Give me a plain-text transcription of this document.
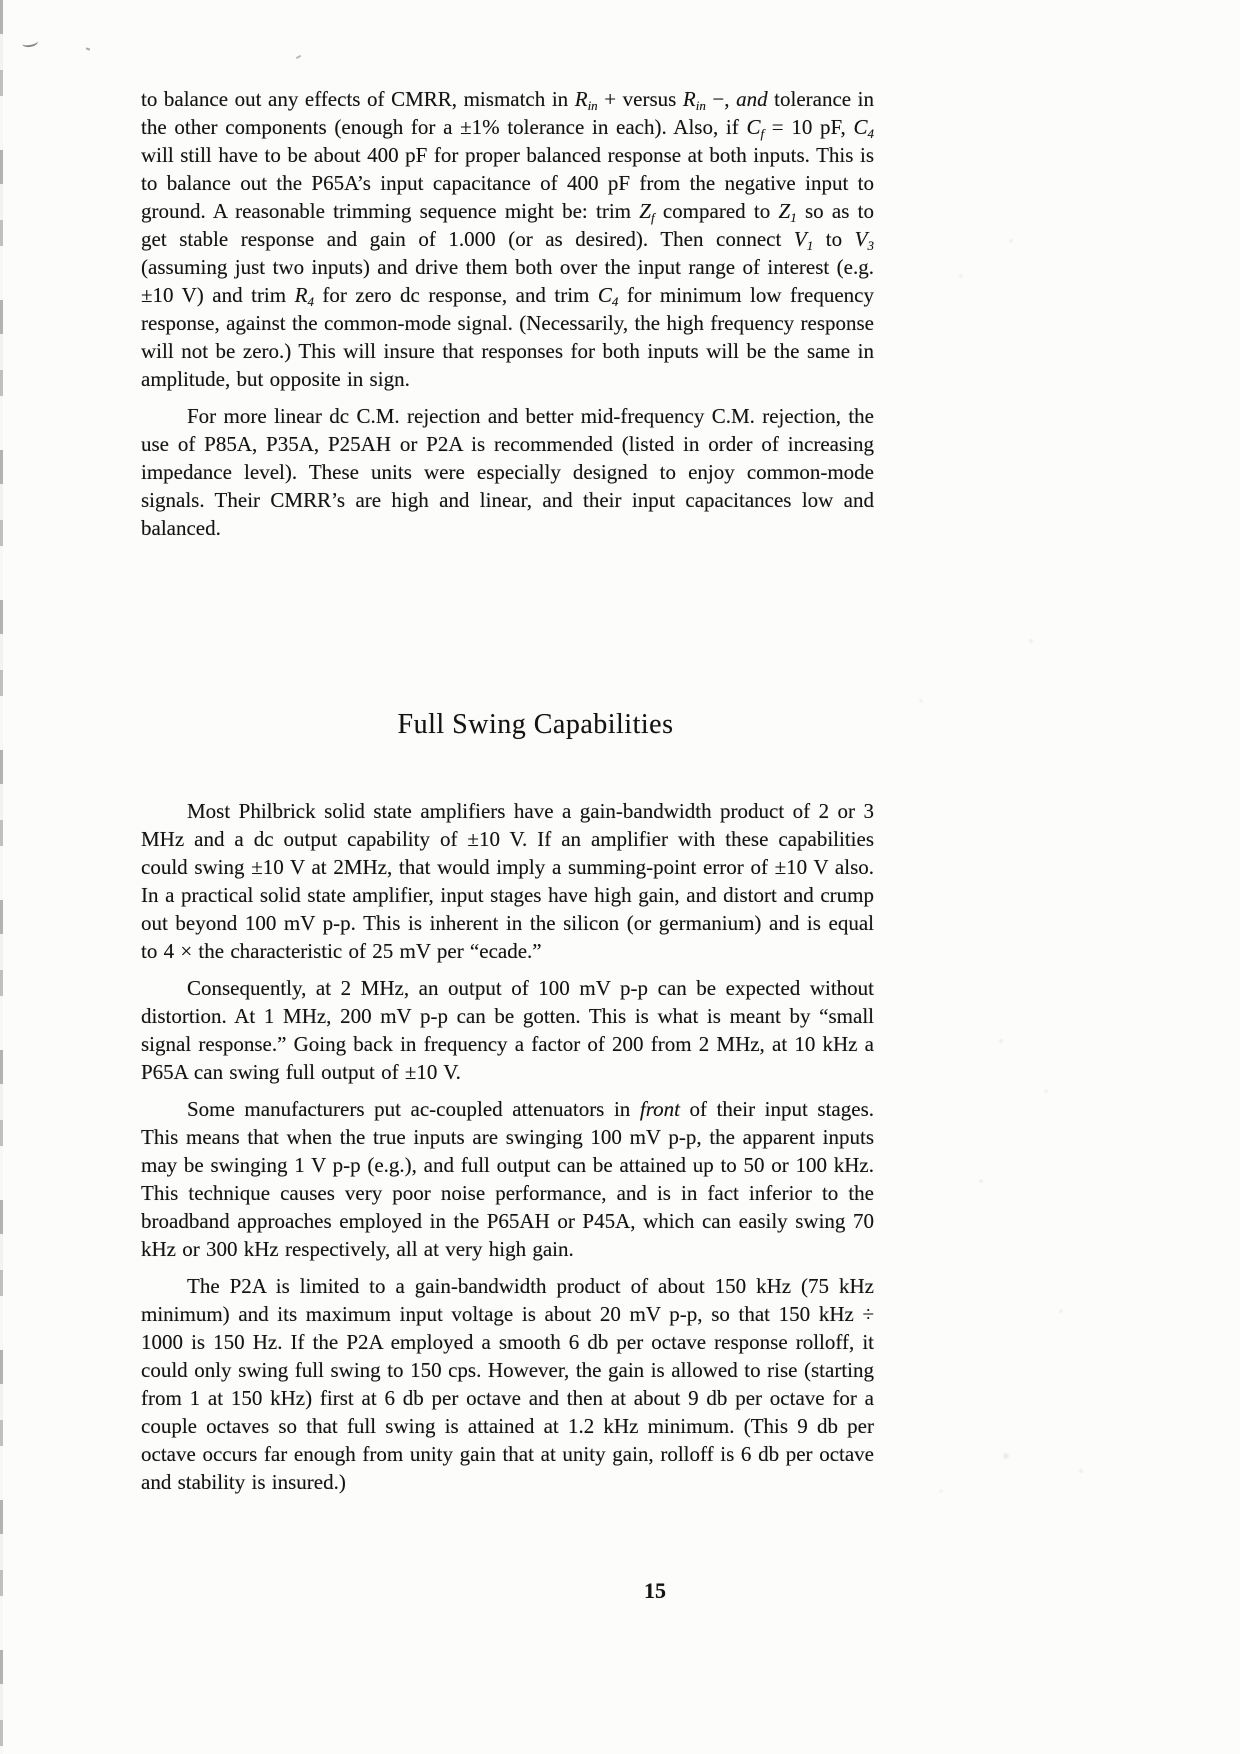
to balance out any effects of CMRR, mismatch in $R_{in}$ + versus $R_{in}$ −, and tolerance in the other components (enough for a ±1% tolerance in each). Also, if $C_f = 10$ pF, $C_4$ will still have to be about 400 pF for proper balanced response at both inputs. This is to balance out the P65A’s input capacitance of 400 pF from the negative input to ground. A reasonable trimming sequence might be: trim $Z_f$ compared to $Z_1$ so as to get stable response and gain of 1.000 (or as desired). Then connect $V_1$ to $V_3$ (assuming just two inputs) and drive them both over the input range of interest (e.g. ±10 V) and trim $R_4$ for zero dc response, and trim $C_4$ for minimum low frequency response, against the common-mode signal. (Necessarily, the high frequency response will not be zero.) This will insure that responses for both inputs will be the same in amplitude, but opposite in sign.

For more linear dc C.M. rejection and better mid-frequency C.M. rejection, the use of P85A, P35A, P25AH or P2A is recommended (listed in order of increasing impedance level). These units were especially designed to enjoy common-mode signals. Their CMRR’s are high and linear, and their input capacitances low and balanced.

Full Swing Capabilities

Most Philbrick solid state amplifiers have a gain-bandwidth product of 2 or 3 MHz and a dc output capability of ±10 V. If an amplifier with these capabilities could swing ±10 V at 2MHz, that would imply a summing-point error of ±10 V also. In a practical solid state amplifier, input stages have high gain, and distort and crump out beyond 100 mV p-p. This is inherent in the silicon (or germanium) and is equal to 4 × the characteristic of 25 mV per “ecade.”

Consequently, at 2 MHz, an output of 100 mV p-p can be expected without distortion. At 1 MHz, 200 mV p-p can be gotten. This is what is meant by “small signal response.” Going back in frequency a factor of 200 from 2 MHz, at 10 kHz a P65A can swing full output of ±10 V.

Some manufacturers put ac-coupled attenuators in front of their input stages. This means that when the true inputs are swinging 100 mV p-p, the apparent inputs may be swinging 1 V p-p (e.g.), and full output can be attained up to 50 or 100 kHz. This technique causes very poor noise performance, and is in fact inferior to the broadband approaches employed in the P65AH or P45A, which can easily swing 70 kHz or 300 kHz respectively, all at very high gain.

The P2A is limited to a gain-bandwidth product of about 150 kHz (75 kHz minimum) and its maximum input voltage is about 20 mV p-p, so that 150 kHz ÷ 1000 is 150 Hz. If the P2A employed a smooth 6 db per octave response rolloff, it could only swing full swing to 150 cps. However, the gain is allowed to rise (starting from 1 at 150 kHz) first at 6 db per octave and then at about 9 db per octave for a couple octaves so that full swing is attained at 1.2 kHz minimum. (This 9 db per octave occurs far enough from unity gain that at unity gain, rolloff is 6 db per octave and stability is insured.)

15
